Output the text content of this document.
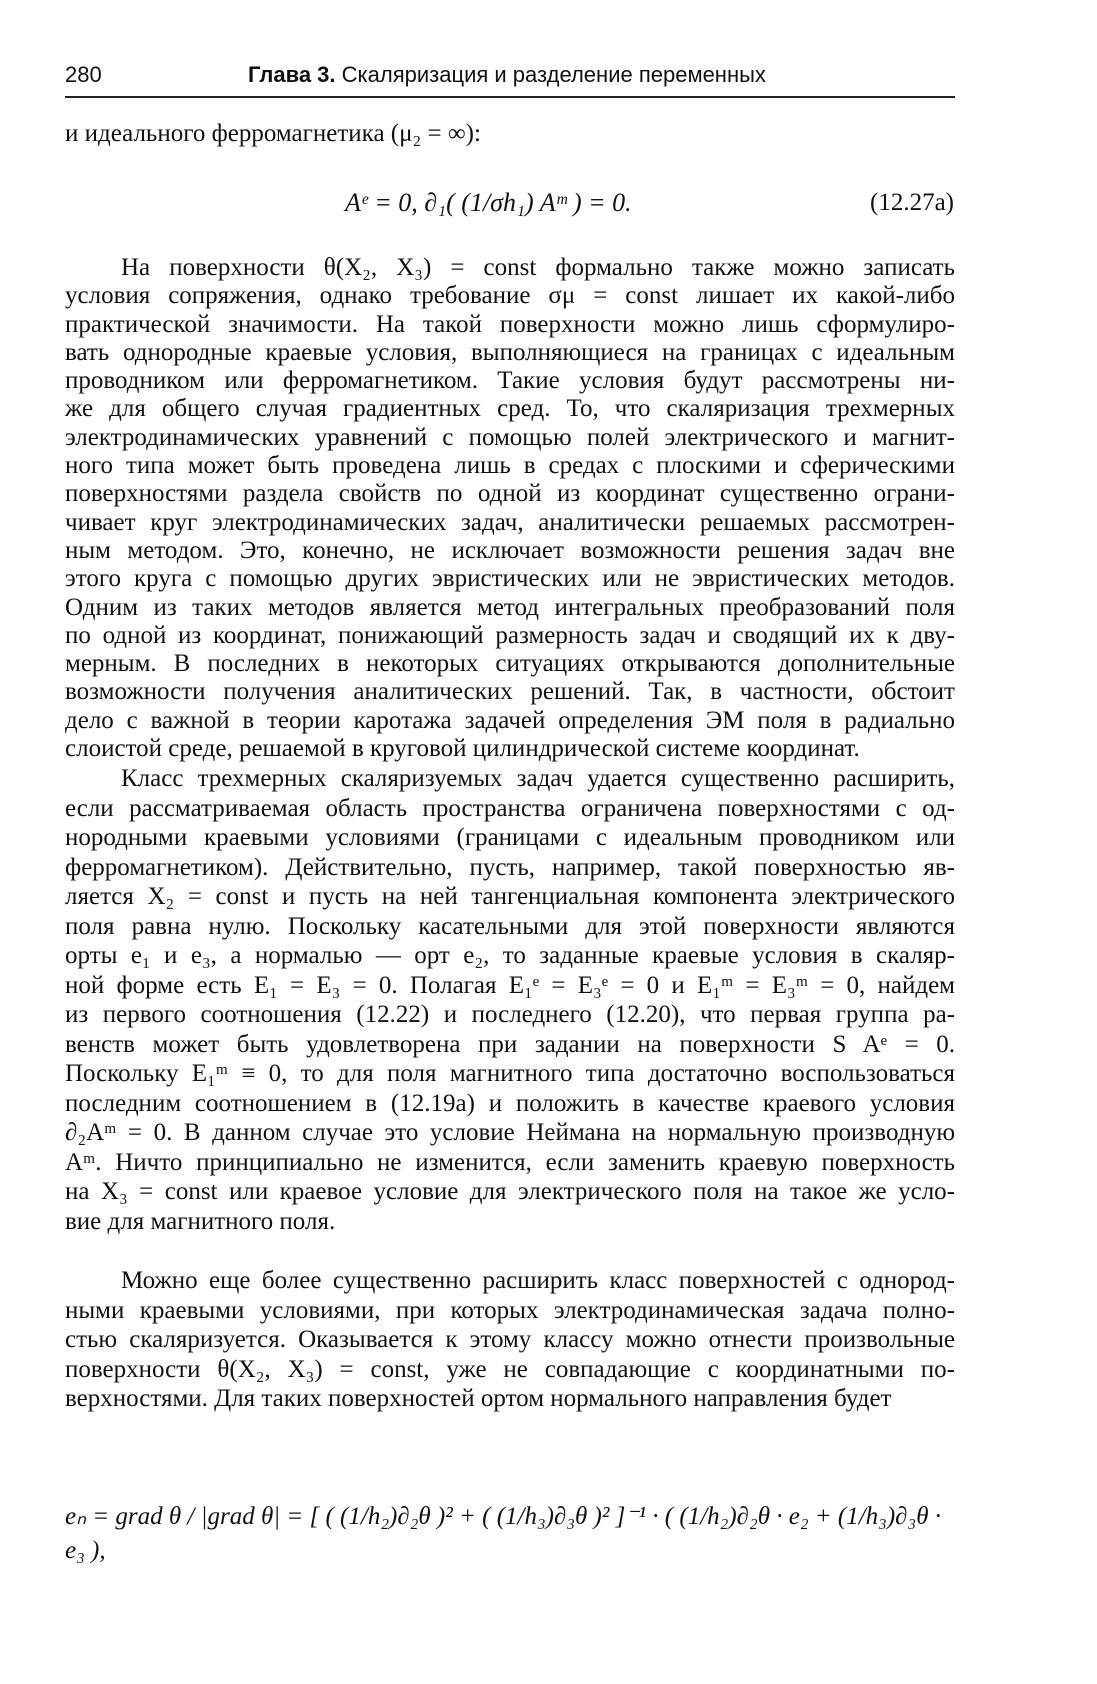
280	Глава 3. Скаляризация и разделение переменных
и идеального ферромагнетика (μ₂ = ∞):
Aᵉ = 0, ∂₁( (1/σh₁) Aᵐ ) = 0.	(12.27a)
На поверхности θ(X₂, X₃) = const формально также можно записать
условия сопряжения, однако требование σμ = const лишает их какой-либо
практической значимости. На такой поверхности можно лишь сформулиро-
вать однородные краевые условия, выполняющиеся на границах с идеальным
проводником или ферромагнетиком. Такие условия будут рассмотрены ни-
же для общего случая градиентных сред. То, что скаляризация трехмерных
электродинамических уравнений с помощью полей электрического и магнит-
ного типа может быть проведена лишь в средах с плоскими и сферическими
поверхностями раздела свойств по одной из координат существенно ограни-
чивает круг электродинамических задач, аналитически решаемых рассмотрен-
ным методом. Это, конечно, не исключает возможности решения задач вне
этого круга с помощью других эвристических или не эвристических методов.
Одним из таких методов является метод интегральных преобразований поля
по одной из координат, понижающий размерность задач и сводящий их к дву-
мерным. В последних в некоторых ситуациях открываются дополнительные
возможности получения аналитических решений. Так, в частности, обстоит
дело с важной в теории каротажа задачей определения ЭМ поля в радиально
слоистой среде, решаемой в круговой цилиндрической системе координат.
Класс трехмерных скаляризуемых задач удается существенно расширить,
если рассматриваемая область пространства ограничена поверхностями с од-
нородными краевыми условиями (границами с идеальным проводником или
ферромагнетиком). Действительно, пусть, например, такой поверхностью яв-
ляется X₂ = const и пусть на ней тангенциальная компонента электрического
поля равна нулю. Поскольку касательными для этой поверхности являются
орты e₁ и e₃, а нормалью — орт e₂, то заданные краевые условия в скаляр-
ной форме есть E₁ = E₃ = 0. Полагая E₁ᵉ = E₃ᵉ = 0 и E₁ᵐ = E₃ᵐ = 0, найдем
из первого соотношения (12.22) и последнего (12.20), что первая группа ра-
венств может быть удовлетворена при задании на поверхности S Aᵉ = 0.
Поскольку E₁ᵐ ≡ 0, то для поля магнитного типа достаточно воспользоваться
последним соотношением в (12.19a) и положить в качестве краевого условия
∂₂Aᵐ = 0. В данном случае это условие Неймана на нормальную производную
Aᵐ. Ничто принципиально не изменится, если заменить краевую поверхность
на X₃ = const или краевое условие для электрического поля на такое же усло-
вие для магнитного поля.
Можно еще более существенно расширить класс поверхностей с однород-
ными краевыми условиями, при которых электродинамическая задача полно-
стью скаляризуется. Оказывается к этому классу можно отнести произвольные
поверхности θ(X₂, X₃) = const, уже не совпадающие с координатными по-
верхностями. Для таких поверхностей ортом нормального направления будет
eₙ = grad θ / |grad θ| = [ ( (1/h₂)∂₂θ )² + ( (1/h₃)∂₃θ )² ]⁻¹ · ( (1/h₂)∂₂θ · e₂ + (1/h₃)∂₃θ · e₃ ),
